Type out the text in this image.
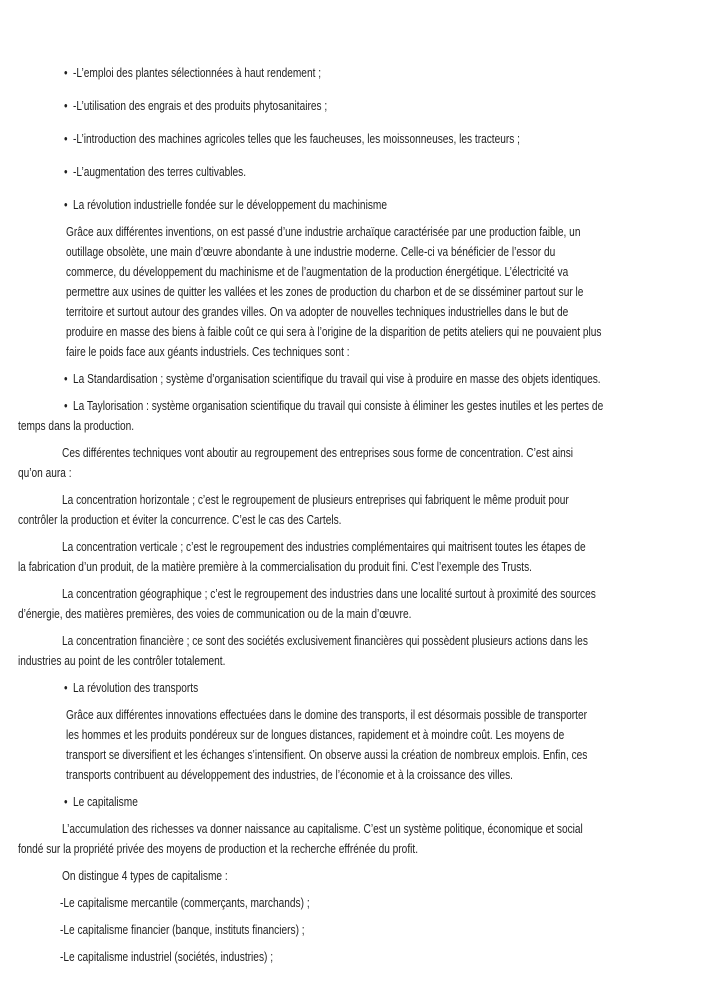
• -L’emploi des plantes sélectionnées à haut rendement ;
• -L’utilisation des engrais et des produits phytosanitaires ;
• -L’introduction des machines agricoles telles que les faucheuses, les moissonneuses, les tracteurs ;
• -L’augmentation des terres cultivables.
• La révolution industrielle fondée sur le développement du machinisme
Grâce aux différentes inventions, on est passé d’une industrie archaïque caractérisée par une production faible, un
outillage obsolète, une main d’œuvre abondante à une industrie moderne. Celle-ci va bénéficier de l’essor du
commerce, du développement du machinisme et de l’augmentation de la production énergétique. L’électricité va
permettre aux usines de quitter les vallées et les zones de production du charbon et de se disséminer partout sur le
territoire et surtout autour des grandes villes. On va adopter de nouvelles techniques industrielles dans le but de
produire en masse des biens à faible coût ce qui sera à l’origine de la disparition de petits ateliers qui ne pouvaient plus
faire le poids face aux géants industriels. Ces techniques sont :
• La Standardisation ; système d’organisation scientifique du travail qui vise à produire en masse des objets identiques.
• La Taylorisation : système organisation scientifique du travail qui consiste à éliminer les gestes inutiles et les pertes de
temps dans la production.
Ces différentes techniques vont aboutir au regroupement des entreprises sous forme de concentration. C’est ainsi
qu’on aura :
La concentration horizontale ; c’est le regroupement de plusieurs entreprises qui fabriquent le même produit pour
contrôler la production et éviter la concurrence. C’est le cas des Cartels.
La concentration verticale ; c’est le regroupement des industries complémentaires qui maitrisent toutes les étapes de
la fabrication d’un produit, de la matière première à la commercialisation du produit fini. C’est l’exemple des Trusts.
La concentration géographique ; c’est le regroupement des industries dans une localité surtout à proximité des sources
d’énergie, des matières premières, des voies de communication ou de la main d’œuvre.
La concentration financière ; ce sont des sociétés exclusivement financières qui possèdent plusieurs actions dans les
industries au point de les contrôler totalement.
• La révolution des transports
Grâce aux différentes innovations effectuées dans le domine des transports, il est désormais possible de transporter
les hommes et les produits pondéreux sur de longues distances, rapidement et à moindre coût. Les moyens de
transport se diversifient et les échanges s’intensifient. On observe aussi la création de nombreux emplois. Enfin, ces
transports contribuent au développement des industries, de l’économie et à la croissance des villes.
• Le capitalisme
L’accumulation des richesses va donner naissance au capitalisme. C’est un système politique, économique et social
fondé sur la propriété privée des moyens de production et la recherche effrénée du profit.
On distingue 4 types de capitalisme :
-Le capitalisme mercantile (commerçants, marchands) ;
-Le capitalisme financier (banque, instituts financiers) ;
-Le capitalisme industriel (sociétés, industries) ;
